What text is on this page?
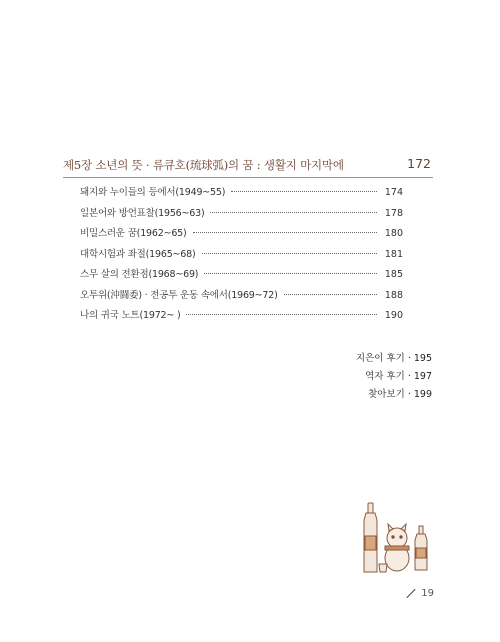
제5장 소년의 뜻 · 류큐호(琉球弧)의 꿈 : 생활지 마지막에	172
돼지와 누이들의 등에서(1949~55)	174
일본어와 방언표찰(1956~63)	178
비밀스러운 꿈(1962~65)	180
대학시험과 좌절(1965~68)	181
스무 살의 전환점(1968~69)	185
오투위(沖闘委) · 전공투 운동 속에서(1969~72)	188
나의 귀국 노트(1972~ )	190
지은이 후기 · 195
역자 후기 · 197
찾아보기 · 199
19
